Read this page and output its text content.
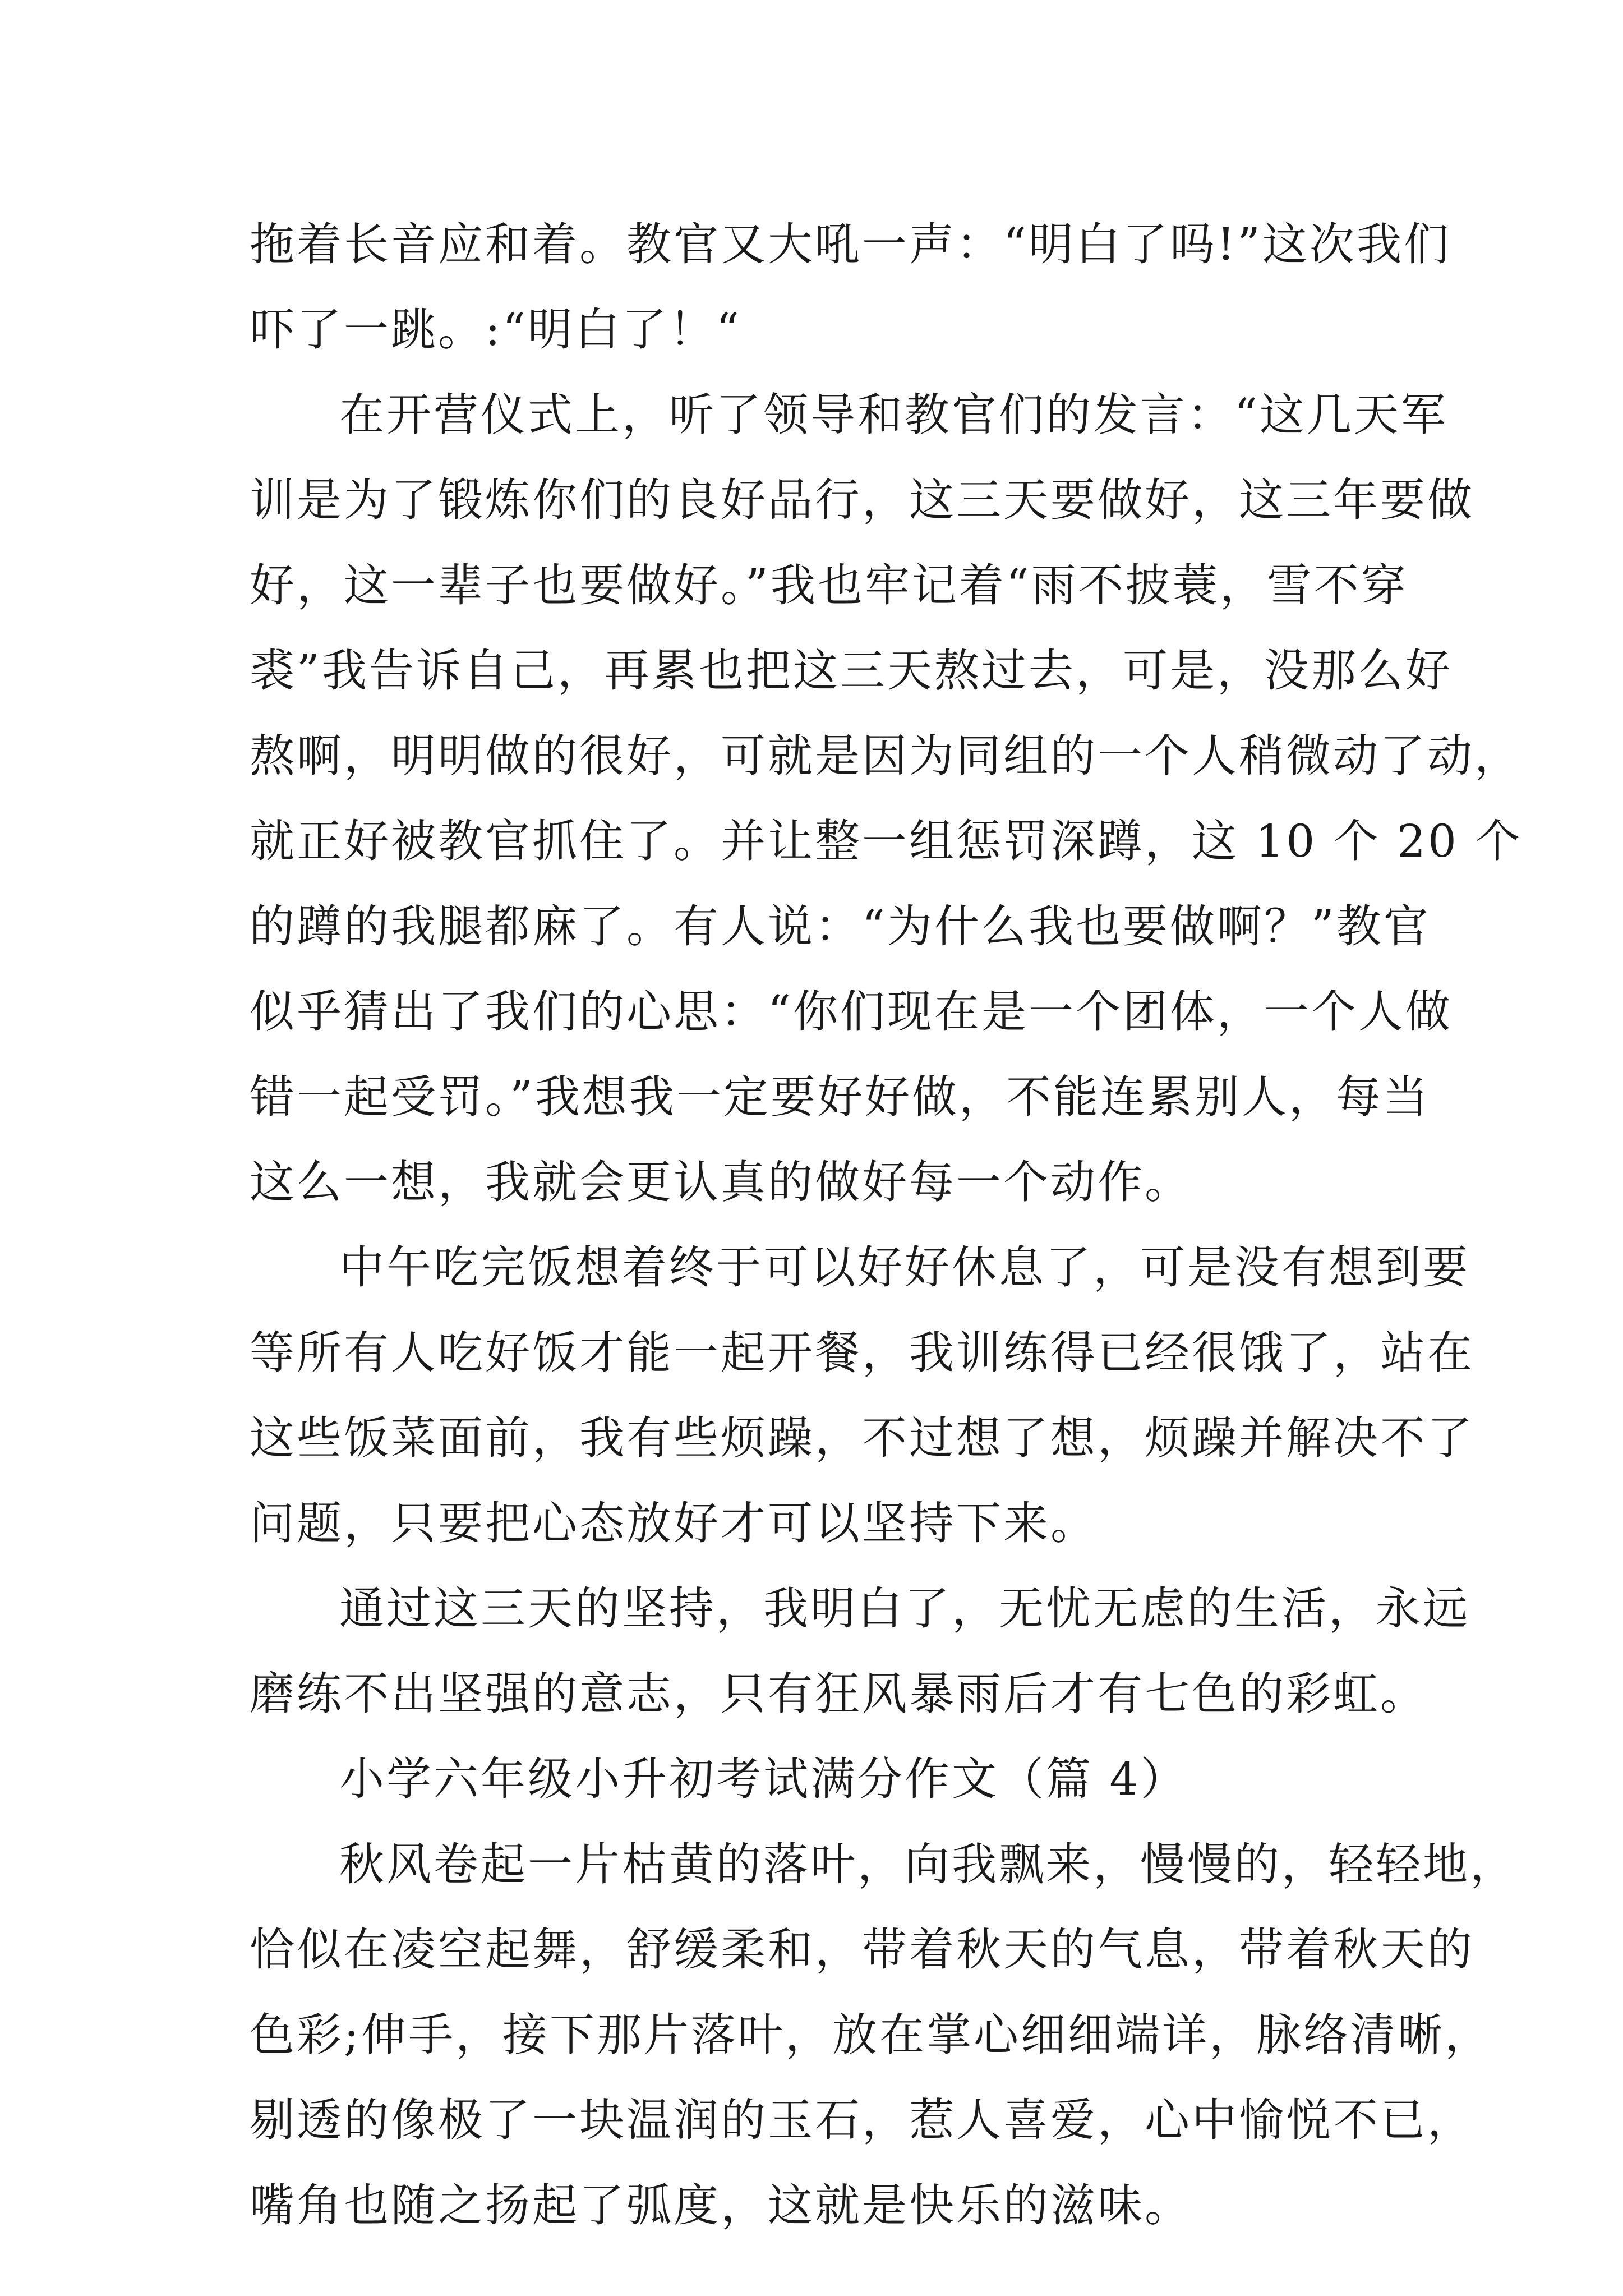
拖着长音应和着。教官又大吼一声：“明白了吗!”这次我们
吓了一跳。:“明白了！“
在开营仪式上，听了领导和教官们的发言：“这几天军
训是为了锻炼你们的良好品行，这三天要做好，这三年要做
好，这一辈子也要做好。”我也牢记着“雨不披蓑，雪不穿
裘”我告诉自己，再累也把这三天熬过去，可是，没那么好
熬啊，明明做的很好，可就是因为同组的一个人稍微动了动，
就正好被教官抓住了。并让整一组惩罚深蹲，这 10 个 20 个
的蹲的我腿都麻了。有人说：“为什么我也要做啊？”教官
似乎猜出了我们的心思：“你们现在是一个团体，一个人做
错一起受罚。”我想我一定要好好做，不能连累别人，每当
这么一想，我就会更认真的做好每一个动作。
中午吃完饭想着终于可以好好休息了，可是没有想到要
等所有人吃好饭才能一起开餐，我训练得已经很饿了，站在
这些饭菜面前，我有些烦躁，不过想了想，烦躁并解决不了
问题，只要把心态放好才可以坚持下来。
通过这三天的坚持，我明白了，无忧无虑的生活，永远
磨练不出坚强的意志，只有狂风暴雨后才有七色的彩虹。
小学六年级小升初考试满分作文（篇 4）
秋风卷起一片枯黄的落叶，向我飘来，慢慢的，轻轻地，
恰似在凌空起舞，舒缓柔和，带着秋天的气息，带着秋天的
色彩;伸手，接下那片落叶，放在掌心细细端详，脉络清晰，
剔透的像极了一块温润的玉石，惹人喜爱，心中愉悦不已，
嘴角也随之扬起了弧度，这就是快乐的滋味。
